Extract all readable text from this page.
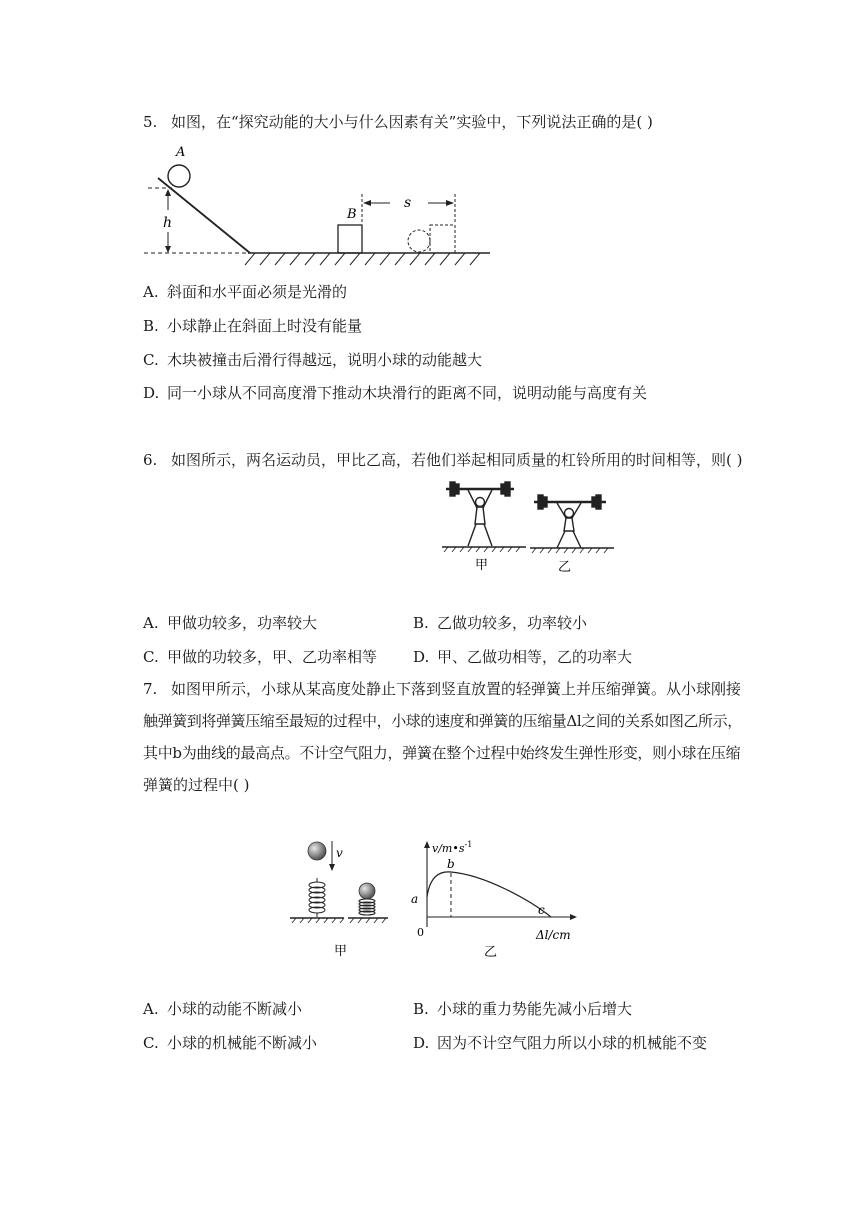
5. 如图，在“探究动能的大小与什么因素有关”实验中，下列说法正确的是( )
A
h
B
s
A. 斜面和水平面必须是光滑的
B. 小球静止在斜面上时没有能量
C. 木块被撞击后滑行得越远，说明小球的动能越大
D. 同一小球从不同高度滑下推动木块滑行的距离不同，说明动能与高度有关
6. 如图所示，两名运动员，甲比乙高，若他们举起相同质量的杠铃所用的时间相等，则( )
甲	乙
A. 甲做功较多，功率较大	B. 乙做功较多，功率较小
C. 甲做的功较多，甲、乙功率相等 D. 甲、乙做功相等，乙的功率大
7. 如图甲所示，小球从某高度处静止下落到竖直放置的轻弹簧上并压缩弹簧。从小球刚接
触弹簧到将弹簧压缩至最短的过程中，小球的速度和弹簧的压缩量Δl之间的关系如图乙所示，
其中b为曲线的最高点。不计空气阻力，弹簧在整个过程中始终发生弹性形变，则小球在压缩
弹簧的过程中( )
v
甲
$v/m•s^{-1}$
Δl/cm
0
a
b
c
乙
A. 小球的动能不断减小	B. 小球的重力势能先减小后增大
C. 小球的机械能不断减小	D. 因为不计空气阻力所以小球的机械能不变
